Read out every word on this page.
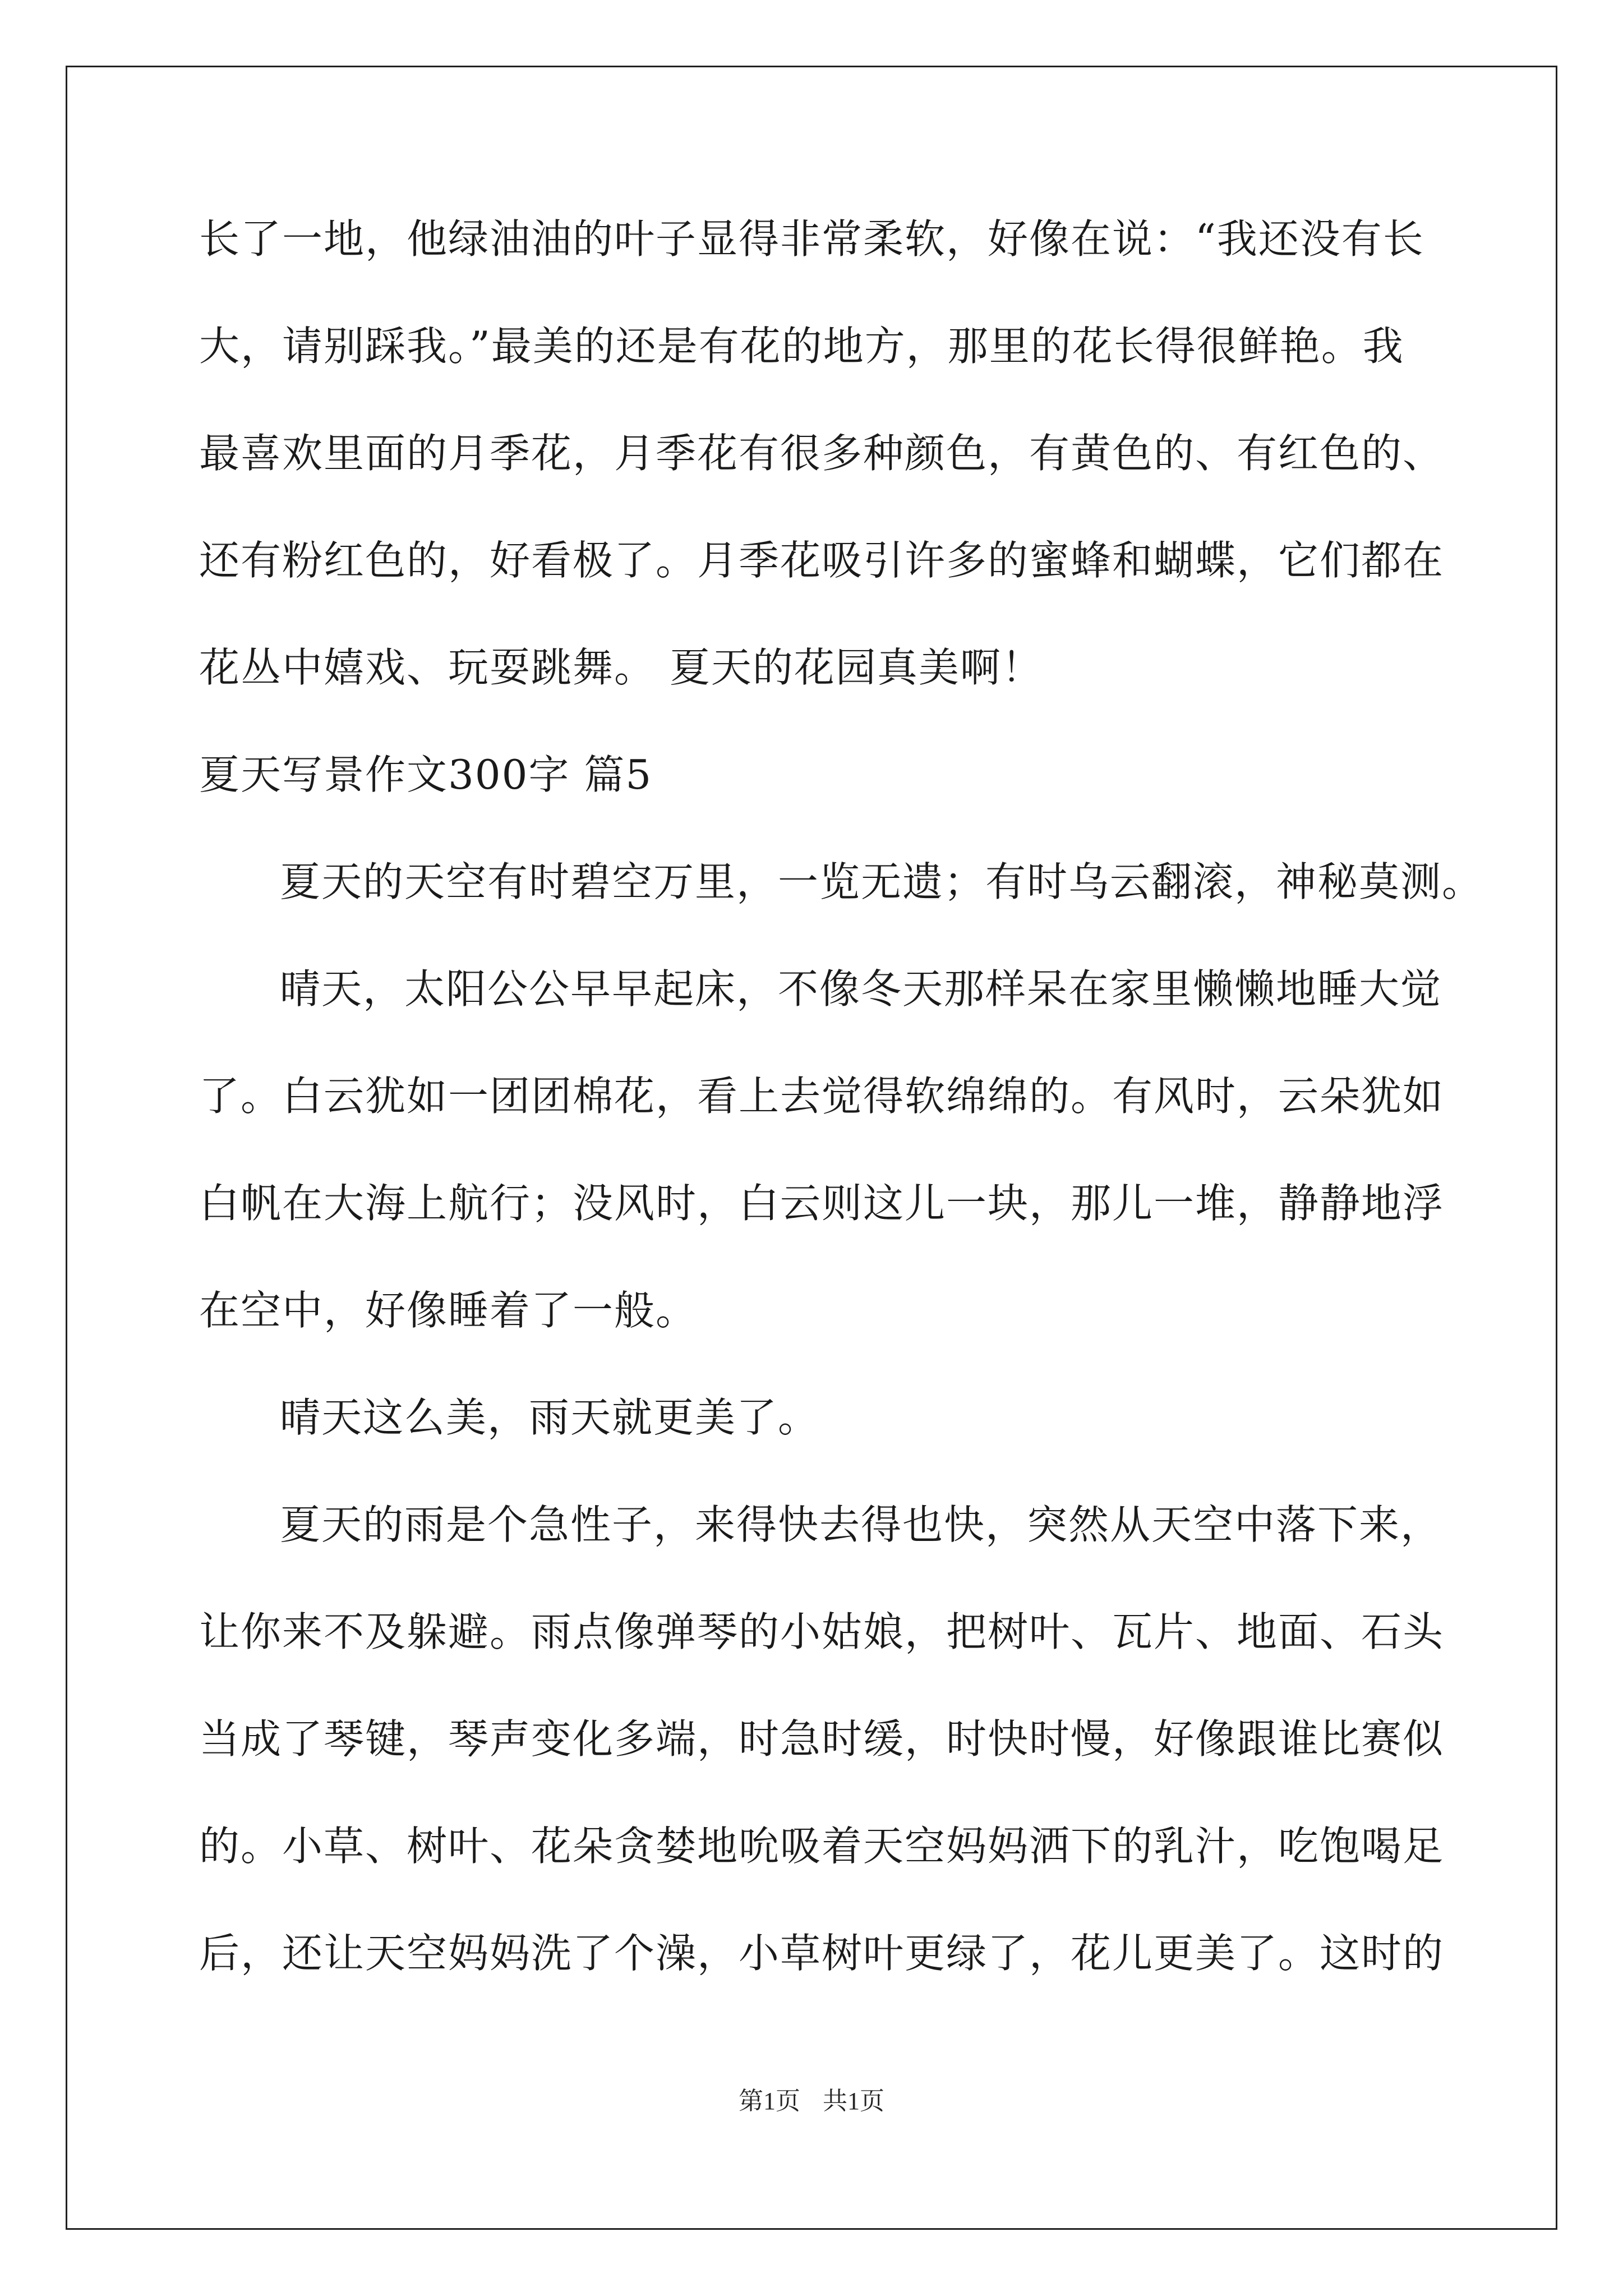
长了一地，他绿油油的叶子显得非常柔软，好像在说：“我还没有长
大，请别踩我。”最美的还是有花的地方，那里的花长得很鲜艳。我
最喜欢里面的月季花，月季花有很多种颜色，有黄色的、有红色的、
还有粉红色的，好看极了。月季花吸引许多的蜜蜂和蝴蝶，它们都在
花丛中嬉戏、玩耍跳舞。 夏天的花园真美啊！
夏天写景作文300字 篇5
夏天的天空有时碧空万里，一览无遗；有时乌云翻滚，神秘莫测。
晴天，太阳公公早早起床，不像冬天那样呆在家里懒懒地睡大觉
了。白云犹如一团团棉花，看上去觉得软绵绵的。有风时，云朵犹如
白帆在大海上航行；没风时，白云则这儿一块，那儿一堆，静静地浮
在空中，好像睡着了一般。
晴天这么美，雨天就更美了。
夏天的雨是个急性子，来得快去得也快，突然从天空中落下来，
让你来不及躲避。雨点像弹琴的小姑娘，把树叶、瓦片、地面、石头
当成了琴键，琴声变化多端，时急时缓，时快时慢，好像跟谁比赛似
的。小草、树叶、花朵贪婪地吮吸着天空妈妈洒下的乳汁，吃饱喝足
后，还让天空妈妈洗了个澡，小草树叶更绿了，花儿更美了。这时的
第1页 共1页
